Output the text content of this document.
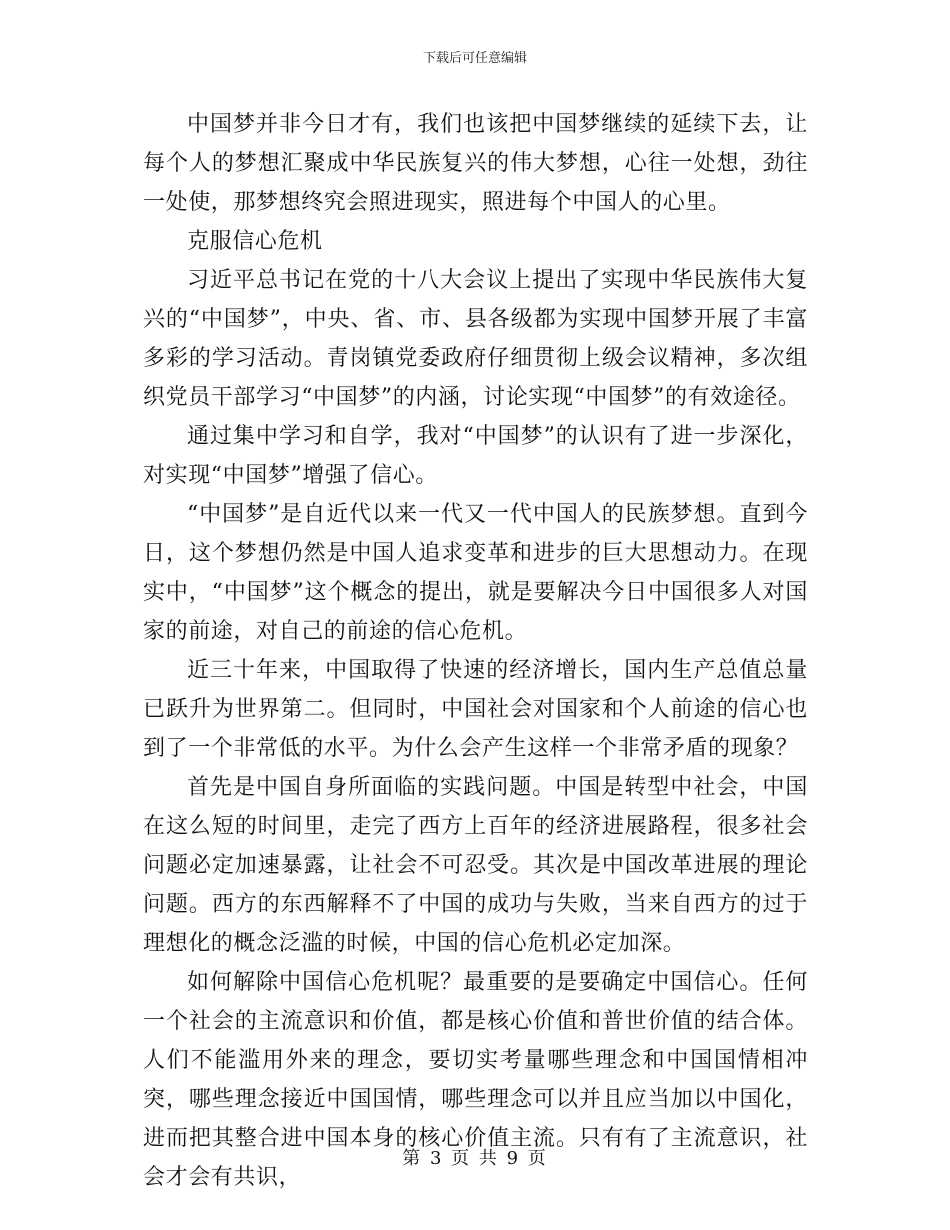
下载后可任意编辑

中国梦并非今日才有，我们也该把中国梦继续的延续下去，让每个人的梦想汇聚成中华民族复兴的伟大梦想，心往一处想，劲往一处使，那梦想终究会照进现实，照进每个中国人的心里。

克服信心危机

习近平总书记在党的十八大会议上提出了实现中华民族伟大复兴的“中国梦”，中央、省、市、县各级都为实现中国梦开展了丰富多彩的学习活动。青岗镇党委政府仔细贯彻上级会议精神，多次组织党员干部学习“中国梦”的内涵，讨论实现“中国梦”的有效途径。

通过集中学习和自学，我对“中国梦”的认识有了进一步深化，对实现“中国梦”增强了信心。

“中国梦”是自近代以来一代又一代中国人的民族梦想。直到今日，这个梦想仍然是中国人追求变革和进步的巨大思想动力。在现实中，“中国梦”这个概念的提出，就是要解决今日中国很多人对国家的前途，对自己的前途的信心危机。

近三十年来，中国取得了快速的经济增长，国内生产总值总量已跃升为世界第二。但同时，中国社会对国家和个人前途的信心也到了一个非常低的水平。为什么会产生这样一个非常矛盾的现象？

首先是中国自身所面临的实践问题。中国是转型中社会，中国在这么短的时间里，走完了西方上百年的经济进展路程，很多社会问题必定加速暴露，让社会不可忍受。其次是中国改革进展的理论问题。西方的东西解释不了中国的成功与失败，当来自西方的过于理想化的概念泛滥的时候，中国的信心危机必定加深。

如何解除中国信心危机呢？最重要的是要确定中国信心。任何一个社会的主流意识和价值，都是核心价值和普世价值的结合体。人们不能滥用外来的理念，要切实考量哪些理念和中国国情相冲突，哪些理念接近中国国情，哪些理念可以并且应当加以中国化，进而把其整合进中国本身的核心价值主流。只有有了主流意识，社会才会有共识，

第 3 页 共 9 页
